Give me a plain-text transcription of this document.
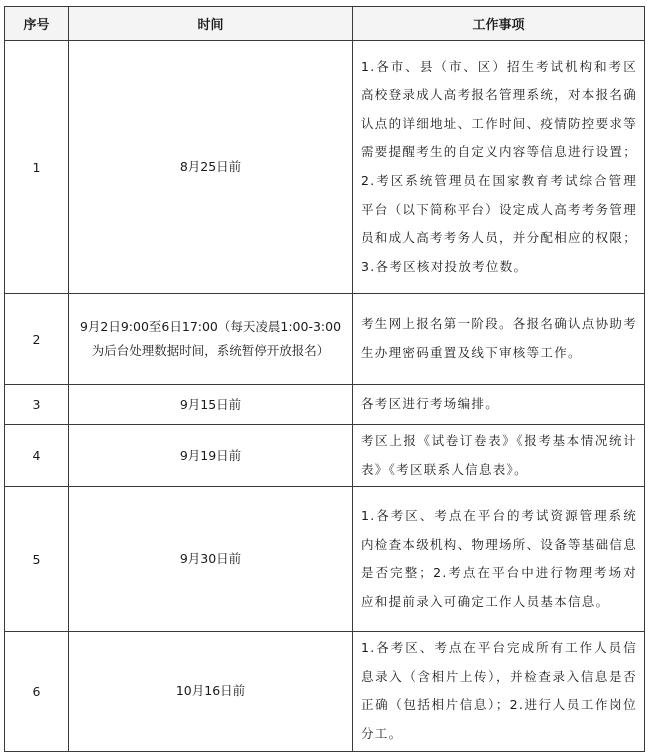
序号	时间	工作事项
1	8月25日前	1.各市、县（市、区）招生考试机构和考区高校登录成人高考报名管理系统，对本报名确认点的详细地址、工作时间、疫情防控要求等需要提醒考生的自定义内容等信息进行设置；2.考区系统管理员在国家教育考试综合管理平台（以下简称平台）设定成人高考考务管理员和成人高考考务人员，并分配相应的权限；3.各考区核对投放考位数。
2	9月2日9:00至6日17:00（每天凌晨1:00-3:00为后台处理数据时间，系统暂停开放报名）	考生网上报名第一阶段。各报名确认点协助考生办理密码重置及线下审核等工作。
3	9月15日前	各考区进行考场编排。
4	9月19日前	考区上报《试卷订卷表》《报考基本情况统计表》《考区联系人信息表》。
5	9月30日前	1.各考区、考点在平台的考试资源管理系统内检查本级机构、物理场所、设备等基础信息是否完整；2.考点在平台中进行物理考场对应和提前录入可确定工作人员基本信息。
6	10月16日前	1.各考区、考点在平台完成所有工作人员信息录入（含相片上传），并检查录入信息是否正确（包括相片信息）；2.进行人员工作岗位分工。
